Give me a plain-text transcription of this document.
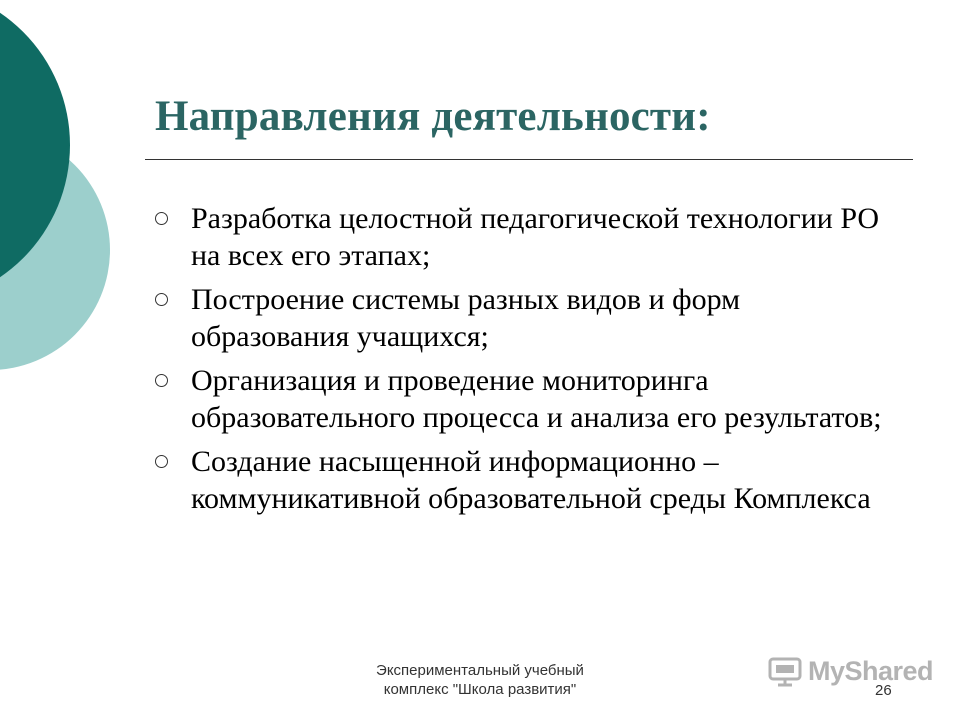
Направления деятельности:
Разработка целостной педагогической технологии РО на всех его этапах;
Построение системы разных видов и форм образования учащихся;
Организация и проведение мониторинга образовательного процесса и анализа его результатов;
Создание насыщенной информационно – коммуникативной образовательной среды Комплекса
Экспериментальный учебный
комплекс "Школа развития"
MyShared
26
